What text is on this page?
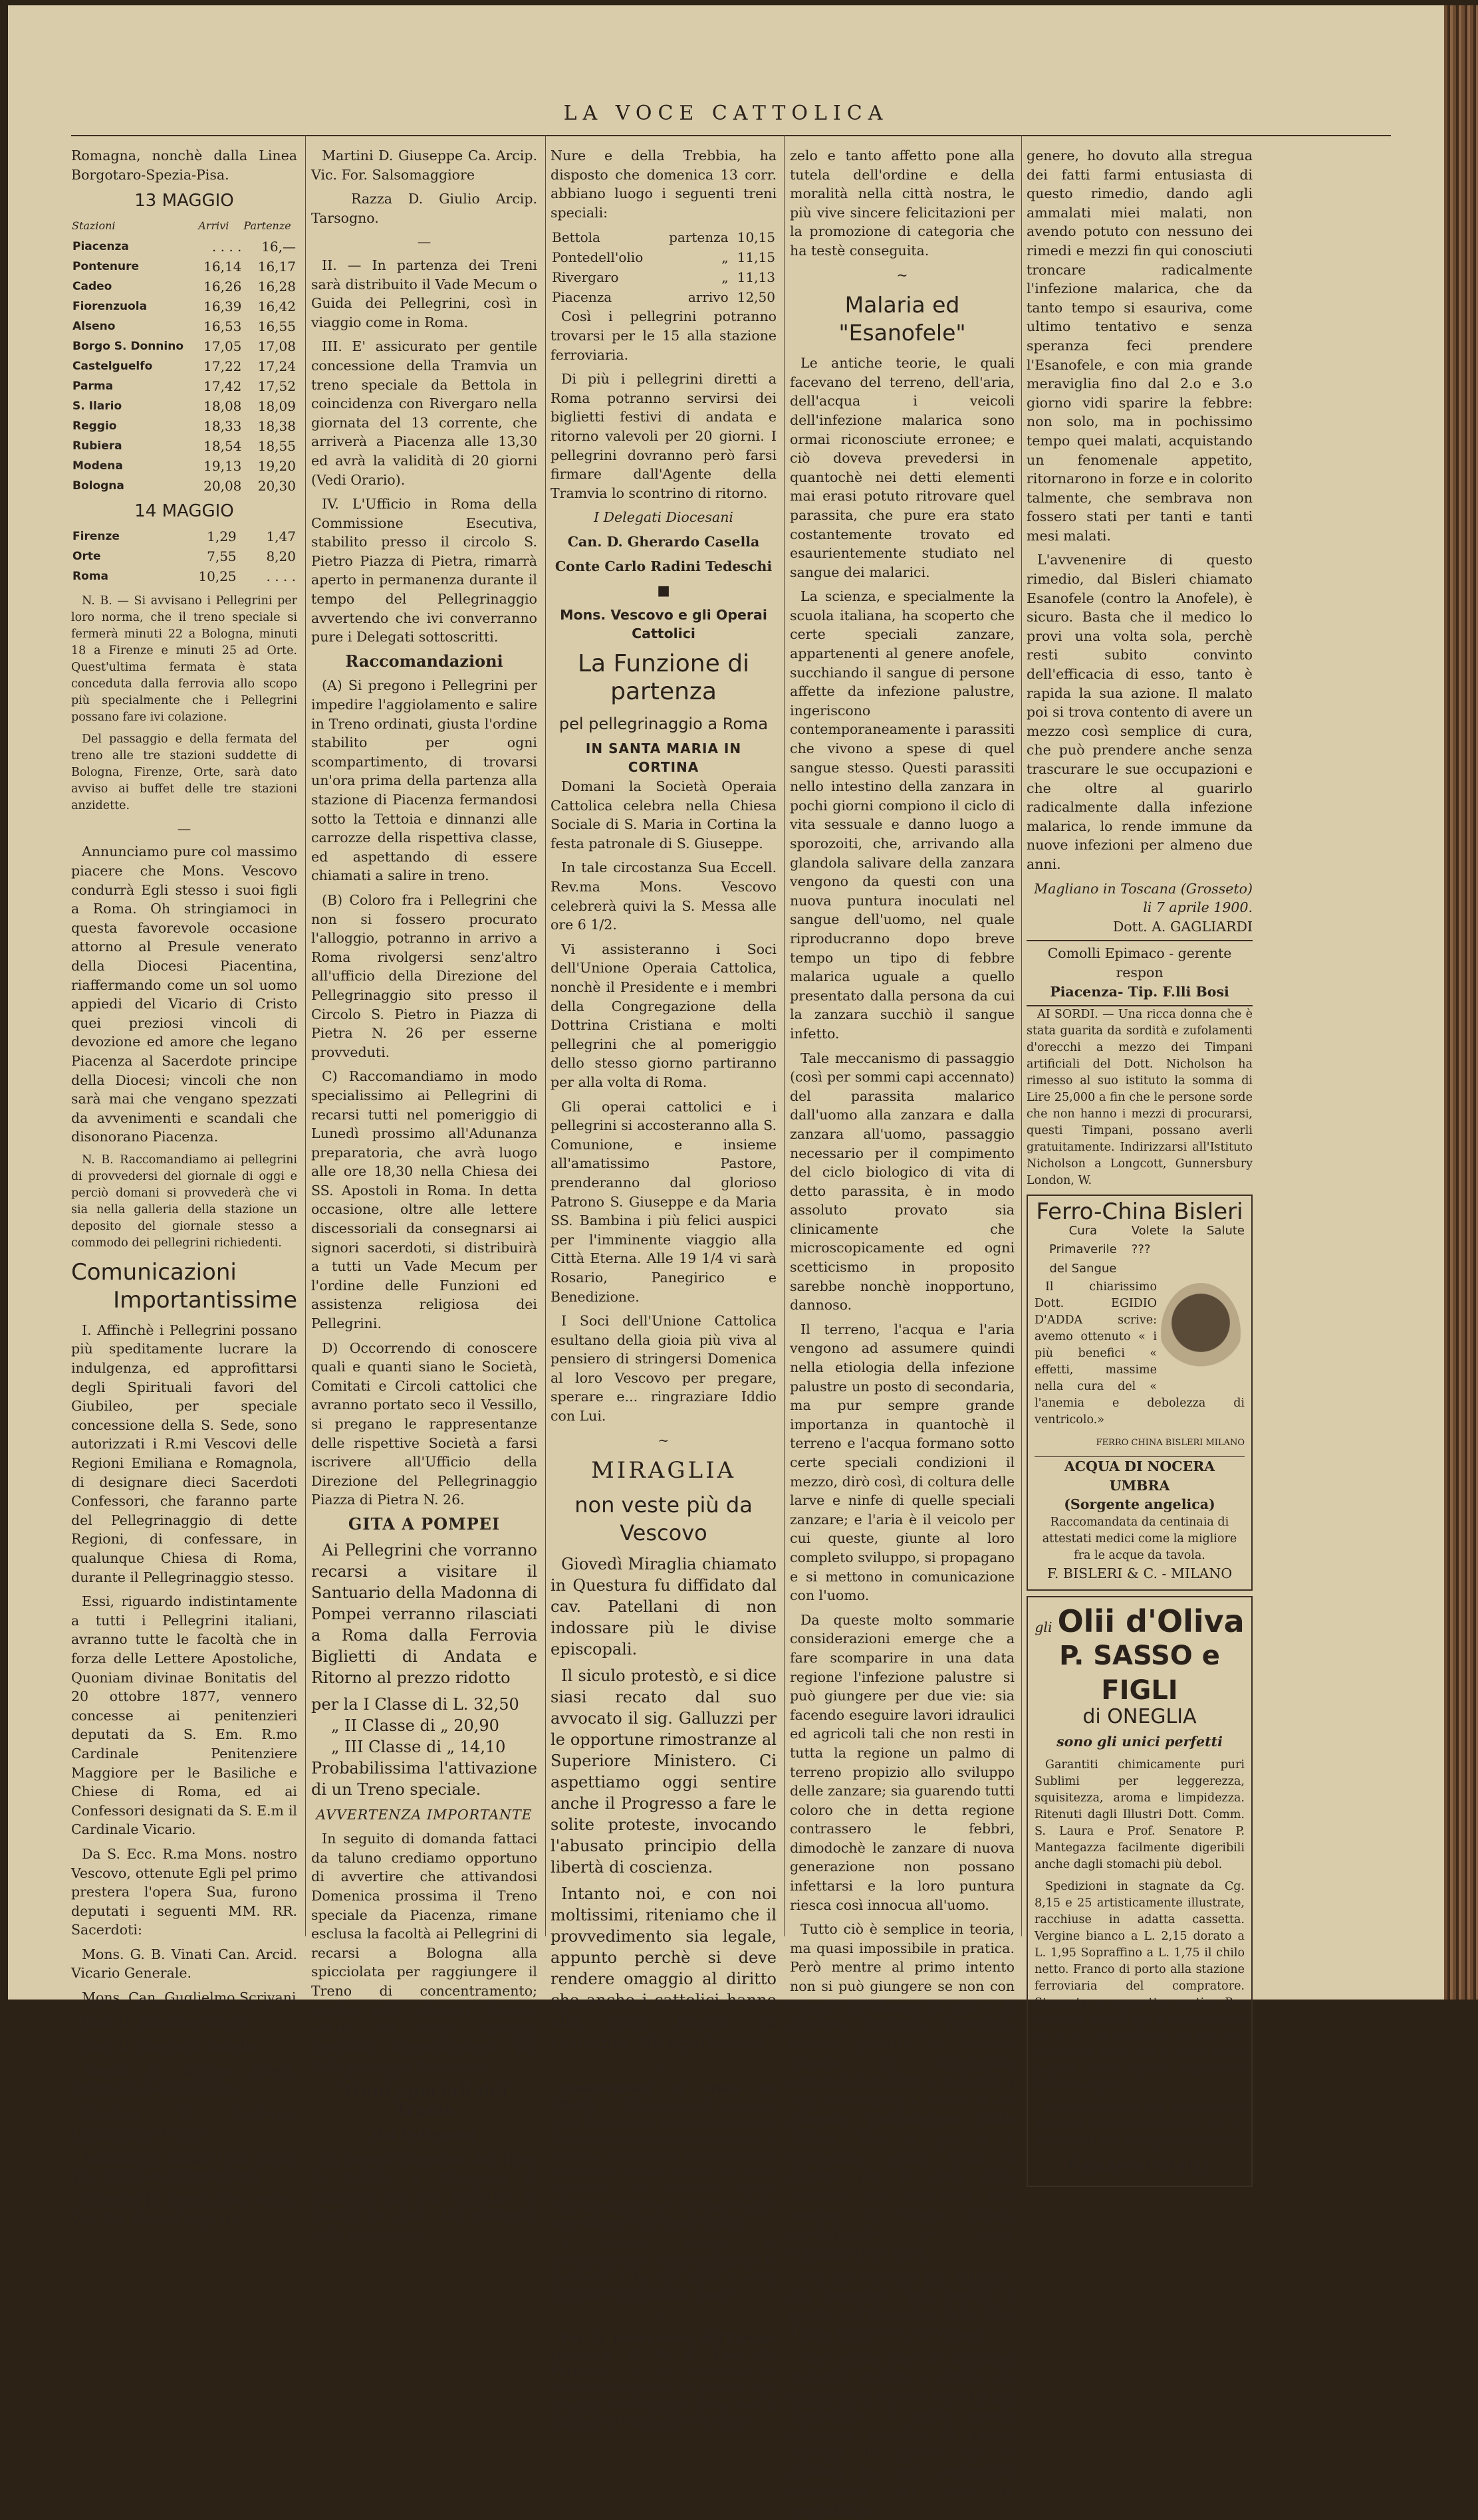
LA VOCE CATTOLICA

Romagna, nonchè dalla Linea Borgotaro-Spezia-Pisa.

13 MAGGIO
Stazioni	Arrivi	Partenze
Piacenza	. . . .	16,—
Pontenure	16,14	16,17
Cadeo	16,26	16,28
Fiorenzuola	16,39	16,42
Alseno	16,53	16,55
Borgo S. Donnino	17,05	17,08
Castelguelfo	17,22	17,24
Parma	17,42	17,52
S. Ilario	18,08	18,09
Reggio	18,33	18,38
Rubiera	18,54	18,55
Modena	19,13	19,20
Bologna	20,08	20,30
14 MAGGIO
Firenze	1,29	1,47
Orte	7,55	8,20
Roma	10,25	. . . .

N. B. — Si avvisano i Pellegrini per loro norma, che il treno speciale si fermerà minuti 22 a Bologna, minuti 18 a Firenze e minuti 25 ad Orte. Quest'ultima fermata è stata conceduta dalla ferrovia allo scopo più specialmente che i Pellegrini possano fare ivi colazione.

Del passaggio e della fermata del treno alle tre stazioni suddette di Bologna, Firenze, Orte, sarà dato avviso ai buffet delle tre stazioni anzidette.

—

Annunciamo pure col massimo piacere che Mons. Vescovo condurrà Egli stesso i suoi figli a Roma. Oh stringiamoci in questa favorevole occasione attorno al Presule venerato della Diocesi Piacentina, riaffermando come un sol uomo appiedi del Vicario di Cristo quei preziosi vincoli di devozione ed amore che legano Piacenza al Sacerdote principe della Diocesi; vincoli che non sarà mai che vengano spezzati da avvenimenti e scandali che disonorano Piacenza.

N. B. Raccomandiamo ai pellegrini di provvedersi del giornale di oggi e perciò domani si provvederà che vi sia nella galleria della stazione un deposito del giornale stesso a commodo dei pellegrini richiedenti.

Comunicazioni
Importantissime

I. Affinchè i Pellegrini possano più speditamente lucrare la indulgenza, ed approfittarsi degli Spirituali favori del Giubileo, per speciale concessione della S. Sede, sono autorizzati i R.mi Vescovi delle Regioni Emiliana e Romagnola, di designare dieci Sacerdoti Confessori, che faranno parte del Pellegrinaggio di dette Regioni, di confessare, in qualunque Chiesa di Roma, durante il Pellegrinaggio stesso.

Essi, riguardo indistintamente a tutti i Pellegrini italiani, avranno tutte le facoltà che in forza delle Lettere Apostoliche, Quoniam divinae Bonitatis del 20 ottobre 1877, vennero concesse ai penitenzieri deputati da S. Em. R.mo Cardinale Penitenziere Maggiore per le Basiliche e Chiese di Roma, ed ai Confessori designati da S. E.m il Cardinale Vicario.

Da S. Ecc. R.ma Mons. nostro Vescovo, ottenute Egli pel primo prestera l'opera Sua, furono deputati i seguenti MM. RR. Sacerdoti:

Mons. G. B. Vinati Can. Arcid. Vicario Generale.

Mons. Can. Guglielmo Scrivani

Can. D. Antonino Saletti

Can. D. Gherardo Casella

Moglia D. Andrea Dirett. Spirituale del Seminario

Mondini D. Lodovico Cerimoniere Vescov.

Agazzini D. Egidio Can. Arcip. Vic. For. Castelsangiovanni

Cagnoni D. Enrico Can. Arcip. Vic. For. Castell'Arquato

Martini D. Giuseppe Ca. Arcip. Vic. For. Salsomaggiore

Razza D. Giulio Arcip. Tarsogno.

—

II. — In partenza dei Treni sarà distribuito il Vade Mecum o Guida dei Pellegrini, così in viaggio come in Roma.

III. E' assicurato per gentile concessione della Tramvia un treno speciale da Bettola in coincidenza con Rivergaro nella giornata del 13 corrente, che arriverà a Piacenza alle 13,30 ed avrà la validità di 20 giorni (Vedi Orario).

IV. L'Ufficio in Roma della Commissione Esecutiva, stabilito presso il circolo S. Pietro Piazza di Pietra, rimarrà aperto in permanenza durante il tempo del Pellegrinaggio avvertendo che ivi converranno pure i Delegati sottoscritti.

Raccomandazioni

(A) Si pregono i Pellegrini per impedire l'aggiolamento e salire in Treno ordinati, giusta l'ordine stabilito per ogni scompartimento, di trovarsi un'ora prima della partenza alla stazione di Piacenza fermandosi sotto la Tettoia e dinnanzi alle carrozze della rispettiva classe, ed aspettando di essere chiamati a salire in treno.

(B) Coloro fra i Pellegrini che non si fossero procurato l'alloggio, potranno in arrivo a Roma rivolgersi senz'altro all'ufficio della Direzione del Pellegrinaggio sito presso il Circolo S. Pietro in Piazza di Pietra N. 26 per esserne provveduti.

C) Raccomandiamo in modo specialissimo ai Pellegrini di recarsi tutti nel pomeriggio di Lunedì prossimo all'Adunanza preparatoria, che avrà luogo alle ore 18,30 nella Chiesa dei SS. Apostoli in Roma. In detta occasione, oltre alle lettere discessoriali da consegnarsi ai signori sacerdoti, si distribuirà a tutti un Vade Mecum per l'ordine delle Funzioni ed assistenza religiosa dei Pellegrini.

D) Occorrendo di conoscere quali e quanti siano le Società, Comitati e Circoli cattolici che avranno portato seco il Vessillo, si pregano le rappresentanze delle rispettive Società a farsi iscrivere all'Ufficio della Direzione del Pellegrinaggio Piazza di Pietra N. 26.

GITA A POMPEI

Ai Pellegrini che vorranno recarsi a visitare il Santuario della Madonna di Pompei verranno rilasciati a Roma dalla Ferrovia Biglietti di Andata e Ritorno al prezzo ridotto

per la I Classe di L. 32,50
„ II Classe di „ 20,90
„ III Classe di „ 14,10

Probabilissima l'attivazione di un Treno speciale.

AVVERTENZA IMPORTANTE

In seguito di domanda fattaci da taluno crediamo opportuno di avvertire che attivandosi Domenica prossima il Treno speciale da Piacenza, rimane esclusa la facoltà ai Pellegrini di recarsi a Bologna alla spicciolata per raggiungere il Treno di concentramento; sicchè tutti domani devono salire nel treno speciale concesso espressamente pel Pellegrinaggio Piacentino.

Treni speciali dei Trams
dei Pellegrini

La cortese direzione del Tram di Bettola e Rivergaro ci annuncia che per facilitare la venuta in città dei pellegrini delle vallate del

Nure e della Trebbia, ha disposto che domenica 13 corr. abbiano luogo i seguenti treni speciali:

Bettola	partenza	10,15
Pontedell'olio	„	11,15
Rivergaro	„	11,13
Piacenza	arrivo	12,50

Così i pellegrini potranno trovarsi per le 15 alla stazione ferroviaria.

Di più i pellegrini diretti a Roma potranno servirsi dei biglietti festivi di andata e ritorno valevoli per 20 giorni. I pellegrini dovranno però farsi firmare dall'Agente della Tramvia lo scontrino di ritorno.

I Delegati Diocesani
Can. D. Gherardo Casella
Conte Carlo Radini Tedeschi
■
Mons. Vescovo e gli Operai Cattolici
La Funzione di partenza
pel pellegrinaggio a Roma
IN SANTA MARIA IN CORTINA

Domani la Società Operaia Cattolica celebra nella Chiesa Sociale di S. Maria in Cortina la festa patronale di S. Giuseppe.

In tale circostanza Sua Eccell. Rev.ma Mons. Vescovo celebrerà quivi la S. Messa alle ore 6 1/2.

Vi assisteranno i Soci dell'Unione Operaia Cattolica, nonchè il Presidente e i membri della Congregazione della Dottrina Cristiana e molti pellegrini che al pomeriggio dello stesso giorno partiranno per alla volta di Roma.

Gli operai cattolici e i pellegrini si accosteranno alla S. Comunione, e insieme all'amatissimo Pastore, prenderanno dal glorioso Patrono S. Giuseppe e da Maria SS. Bambina i più felici auspici per l'imminente viaggio alla Città Eterna. Alle 19 1/4 vi sarà Rosario, Panegirico e Benedizione.

I Soci dell'Unione Cattolica esultano della gioia più viva al pensiero di stringersi Domenica al loro Vescovo per pregare, sperare e... ringraziare Iddio con Lui.

~
MIRAGLIA
non veste più da Vescovo

Giovedì Miraglia chiamato in Questura fu diffidato dal cav. Patellani di non indossare più le divise episcopali.

Il siculo protestò, e si dice siasi recato dal suo avvocato il sig. Galluzzi per le opportune rimostranze al Superiore Ministero. Ci aspettiamo oggi sentire anche il Progresso a fare le solite proteste, invocando l'abusato principio della libertà di coscienza.

Intanto noi, e con noi moltissimi, riteniamo che il provvedimento sia legale, appunto perchè si deve rendere omaggio al diritto che anche i cattolici hanno alla vera libertà di coscienza. Ne riparleremo.

~

Dimostrazioni di stima ed affetto. — Mercoledì, nel ristorante della Stazione, al chiaro giudice Avv. Giorgio promosso Vice Presidente a Bologna, dai colleghi, della procura e cancellerie venne offerto un lauto banchetto. Vi assisteva anche l'egregio giudice avv. Stefanini venuto appositamente da Reggio Emilia.

Il giudice Giorgio fu festeggiatissimo. Senza adulazione, lo merita-va. A lui che parte, i nostri reiterati e cordialissimi auguri.

~

Per la promozione dell'Egregio Ispettore di P. S. Cav. Dr. Patellani. — Ci associamo ai sentimenti espressi dagli altri fogli cittadini, e porgiamo anche noi al benemerito Funzionario che tanto

zelo e tanto affetto pone alla tutela dell'ordine e della moralità nella città nostra, le più vive sincere felicitazioni per la promozione di categoria che ha testè conseguita.

~
Malaria ed "Esanofele"

Le antiche teorie, le quali facevano del terreno, dell'aria, dell'acqua i veicoli dell'infezione malarica sono ormai riconosciute erronee; e ciò doveva prevedersi in quantochè nei detti elementi mai erasi potuto ritrovare quel parassita, che pure era stato costantemente trovato ed esaurientemente studiato nel sangue dei malarici.

La scienza, e specialmente la scuola italiana, ha scoperto che certe speciali zanzare, appartenenti al genere anofele, succhiando il sangue di persone affette da infezione palustre, ingeriscono contemporaneamente i parassiti che vivono a spese di quel sangue stesso. Questi parassiti nello intestino della zanzara in pochi giorni compiono il ciclo di vita sessuale e danno luogo a sporozoiti, che, arrivando alla glandola salivare della zanzara vengono da questi con una nuova puntura inoculati nel sangue dell'uomo, nel quale riproducranno dopo breve tempo un tipo di febbre malarica uguale a quello presentato dalla persona da cui la zanzara succhiò il sangue infetto.

Tale meccanismo di passaggio (così per sommi capi accennato) del parassita malarico dall'uomo alla zanzara e dalla zanzara all'uomo, passaggio necessario per il compimento del ciclo biologico di vita di detto parassita, è in modo assoluto provato sia clinicamente che microscopicamente ed ogni scetticismo in proposito sarebbe nonchè inopportuno, dannoso.

Il terreno, l'acqua e l'aria vengono ad assumere quindi nella etiologia della infezione palustre un posto di secondaria, ma pur sempre grande importanza in quantochè il terreno e l'acqua formano sotto certe speciali condizioni il mezzo, dirò così, di coltura delle larve e ninfe di quelle speciali zanzare; e l'aria è il veicolo per cui queste, giunte al loro completo sviluppo, si propagano e si mettono in comunicazione con l'uomo.

Da queste molto sommarie considerazioni emerge che a fare scomparire in una data regione l'infezione palustre si può giungere per due vie: sia facendo eseguire lavori idraulici ed agricoli tali che non resti in tutta la regione un palmo di terreno propizio allo sviluppo delle zanzare; sia guarendo tutti coloro che in detta regione contrassero le febbri, dimodochè le zanzare di nuova generazione non possano infettarsi e la loro puntura riesca così innocua all'uomo.

Tutto ciò è semplice in teoria, ma quasi impossibile in pratica. Però mentre al primo intento non si può giungere se non con l'opera simultanea di enti e di persone (governo, provincie, comuni privati), al secondo intento si arriverebbe sottoponendo tutti i malarici a una cura rapida e sicura che li guarisse radicalmente dalla febbre. Fino a qui si è conosciuto senza rivali il chinino per la cura della malaria, ma anch'esso non sempre di effetto sicuro, specialmente se viene somministrato tardi.

Ma un rimedio più efficace, più semplice, più rapido è quello dell'Esanofele della ditta Felice Bisleri e C. di Milano.

Non esiste tipo di infezione malarica recente o antica, sia purribelle a tutte le cure fin qui conosciute, il quale resista all'azione benefica di questo rimedio. Io stesso, che in passato ho una avversione sistematica per tutte le specialità in

genere, ho dovuto alla stregua dei fatti farmi entusiasta di questo rimedio, dando agli ammalati miei malati, non avendo potuto con nessuno dei rimedi e mezzi fin qui conosciuti troncare radicalmente l'infezione malarica, che da tanto tempo si esauriva, come ultimo tentativo e senza speranza feci prendere l'Esanofele, e con mia grande meraviglia fino dal 2.o e 3.o giorno vidi sparire la febbre: non solo, ma in pochissimo tempo quei malati, acquistando un fenomenale appetito, ritornarono in forze e in colorito talmente, che sembrava non fossero stati per tanti e tanti mesi malati.

L'avvenenire di questo rimedio, dal Bisleri chiamato Esanofele (contro la Anofele), è sicuro. Basta che il medico lo provi una volta sola, perchè resti subito convinto dell'efficacia di esso, tanto è rapida la sua azione. Il malato poi si trova contento di avere un mezzo così semplice di cura, che può prendere anche senza trascurare le sue occupazioni e che oltre al guarirlo radicalmente dalla infezione malarica, lo rende immune da nuove infezioni per almeno due anni.

Magliano in Toscana (Grosseto) li 7 aprile 1900.
Dott. A. GAGLIARDI
Comolli Epimaco - gerente respon
Piacenza- Tip. F.lli Bosi

AI SORDI. — Una ricca donna che è stata guarita da sordità e zufolamenti d'orecchi a mezzo dei Timpani artificiali del Dott. Nicholson ha rimesso al suo istituto la somma di Lire 25,000 a fin che le persone sorde che non hanno i mezzi di procurarsi, questi Timpani, possano averli gratuitamente. Indirizzarsi all'Istituto Nicholson a Longcott, Gunnersbury London, W.

Ferro-China Bisleri
Cura Primaverile
del Sangue
Volete la Salute ???

Il chiarissimo Dott. EGIDIO D'ADDA scrive: avemo ottenuto « i più benefici « effetti, massime nella cura del « l'anemia e debolezza di ventricolo.»

FERRO CHINA BISLERI MILANO
ACQUA DI NOCERA UMBRA
(Sorgente angelica)
Raccomandata da centinaia di attestati medici come la migliore fra le acque da tavola.
F. BISLERI & C. - MILANO
gli Olii d'Oliva
P. SASSO e FIGLI
di ONEGLIA
sono gli unici perfetti

Garantiti chimicamente puri Sublimi per leggerezza, squisitezza, aroma e limpidezza. Ritenuti dagli Illustri Dott. Comm. S. Laura e Prof. Senatore P. Mantegazza facilmente digeribili anche dagli stomachi più debol.

Spedizioni in stagnate da Cg. 8,15 e 25 artisticamente illustrate, racchiuse in adatta cassetta. Vergine bianco a L. 2,15 dorato a L. 1,95 Sopraffino a L. 1,75 il chilo netto. Franco di porto alla stazione ferroviaria del compratore. Stagnata e cassetta gratis. Per stagnate da soli Cg. 8 supplemento di L. 2. In barilletti da Cg. 50, ribasso di Cent. 20 il chilo. Porto pagato. Barile gratis. Pagamento verso assegno.

Pacchi postali di Cg. 4 netti verso assegno o cartolina-vaglia di L. 10,60 9,85 e 9,10 rispettivamente.

Campioni gratis
